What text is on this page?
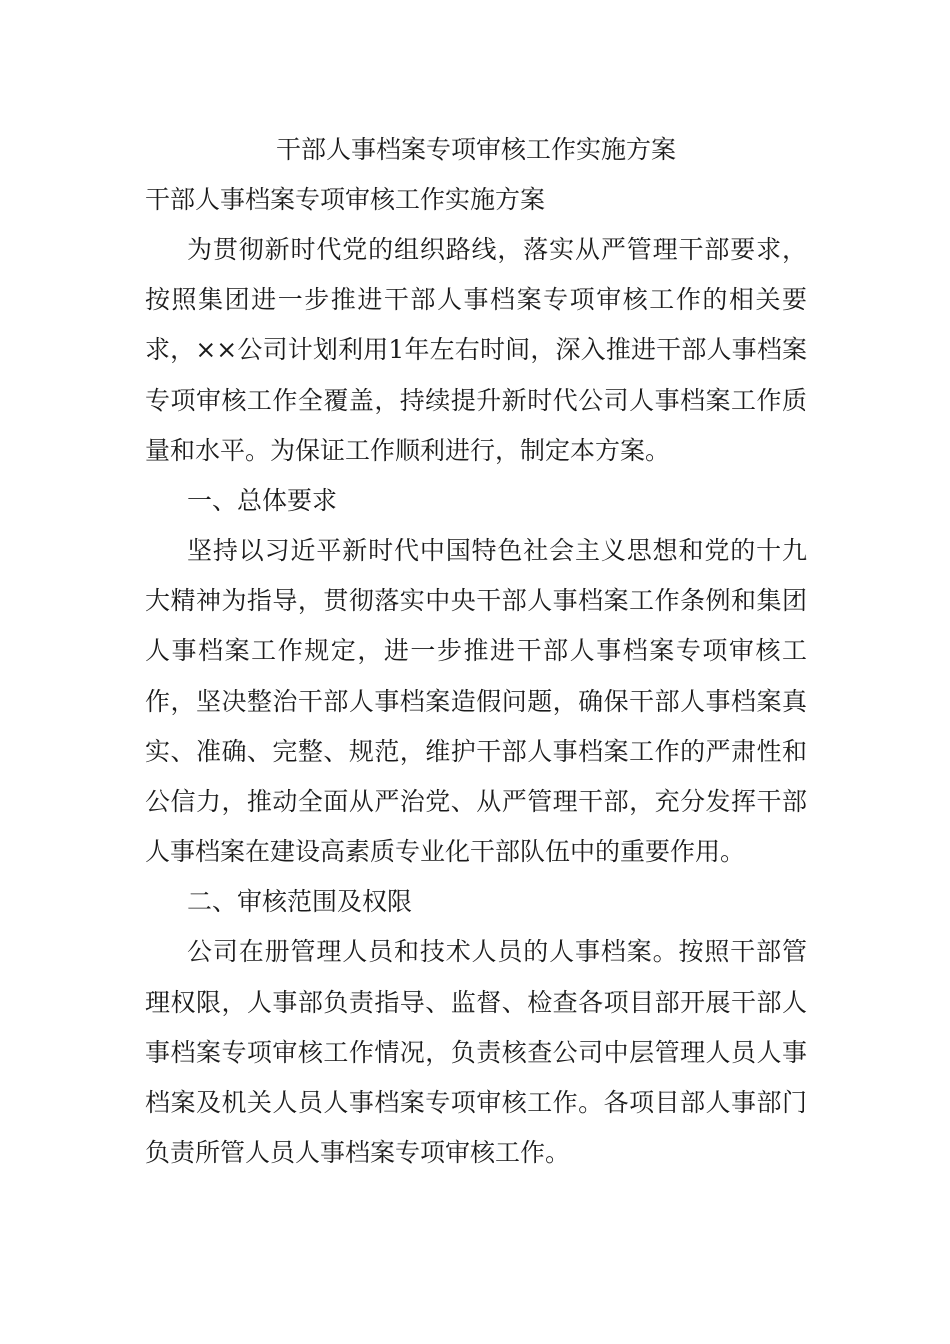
干部人事档案专项审核工作实施方案
干部人事档案专项审核工作实施方案

为贯彻新时代党的组织路线，落实从严管理干部要求，按照集团进一步推进干部人事档案专项审核工作的相关要求，××公司计划利用1年左右时间，深入推进干部人事档案专项审核工作全覆盖，持续提升新时代公司人事档案工作质量和水平。为保证工作顺利进行，制定本方案。

一、总体要求

坚持以习近平新时代中国特色社会主义思想和党的十九大精神为指导，贯彻落实中央干部人事档案工作条例和集团人事档案工作规定，进一步推进干部人事档案专项审核工作，坚决整治干部人事档案造假问题，确保干部人事档案真实、准确、完整、规范，维护干部人事档案工作的严肃性和公信力，推动全面从严治党、从严管理干部，充分发挥干部人事档案在建设高素质专业化干部队伍中的重要作用。

二、审核范围及权限

公司在册管理人员和技术人员的人事档案。按照干部管理权限，人事部负责指导、监督、检查各项目部开展干部人事档案专项审核工作情况，负责核查公司中层管理人员人事档案及机关人员人事档案专项审核工作。各项目部人事部门负责所管人员人事档案专项审核工作。
